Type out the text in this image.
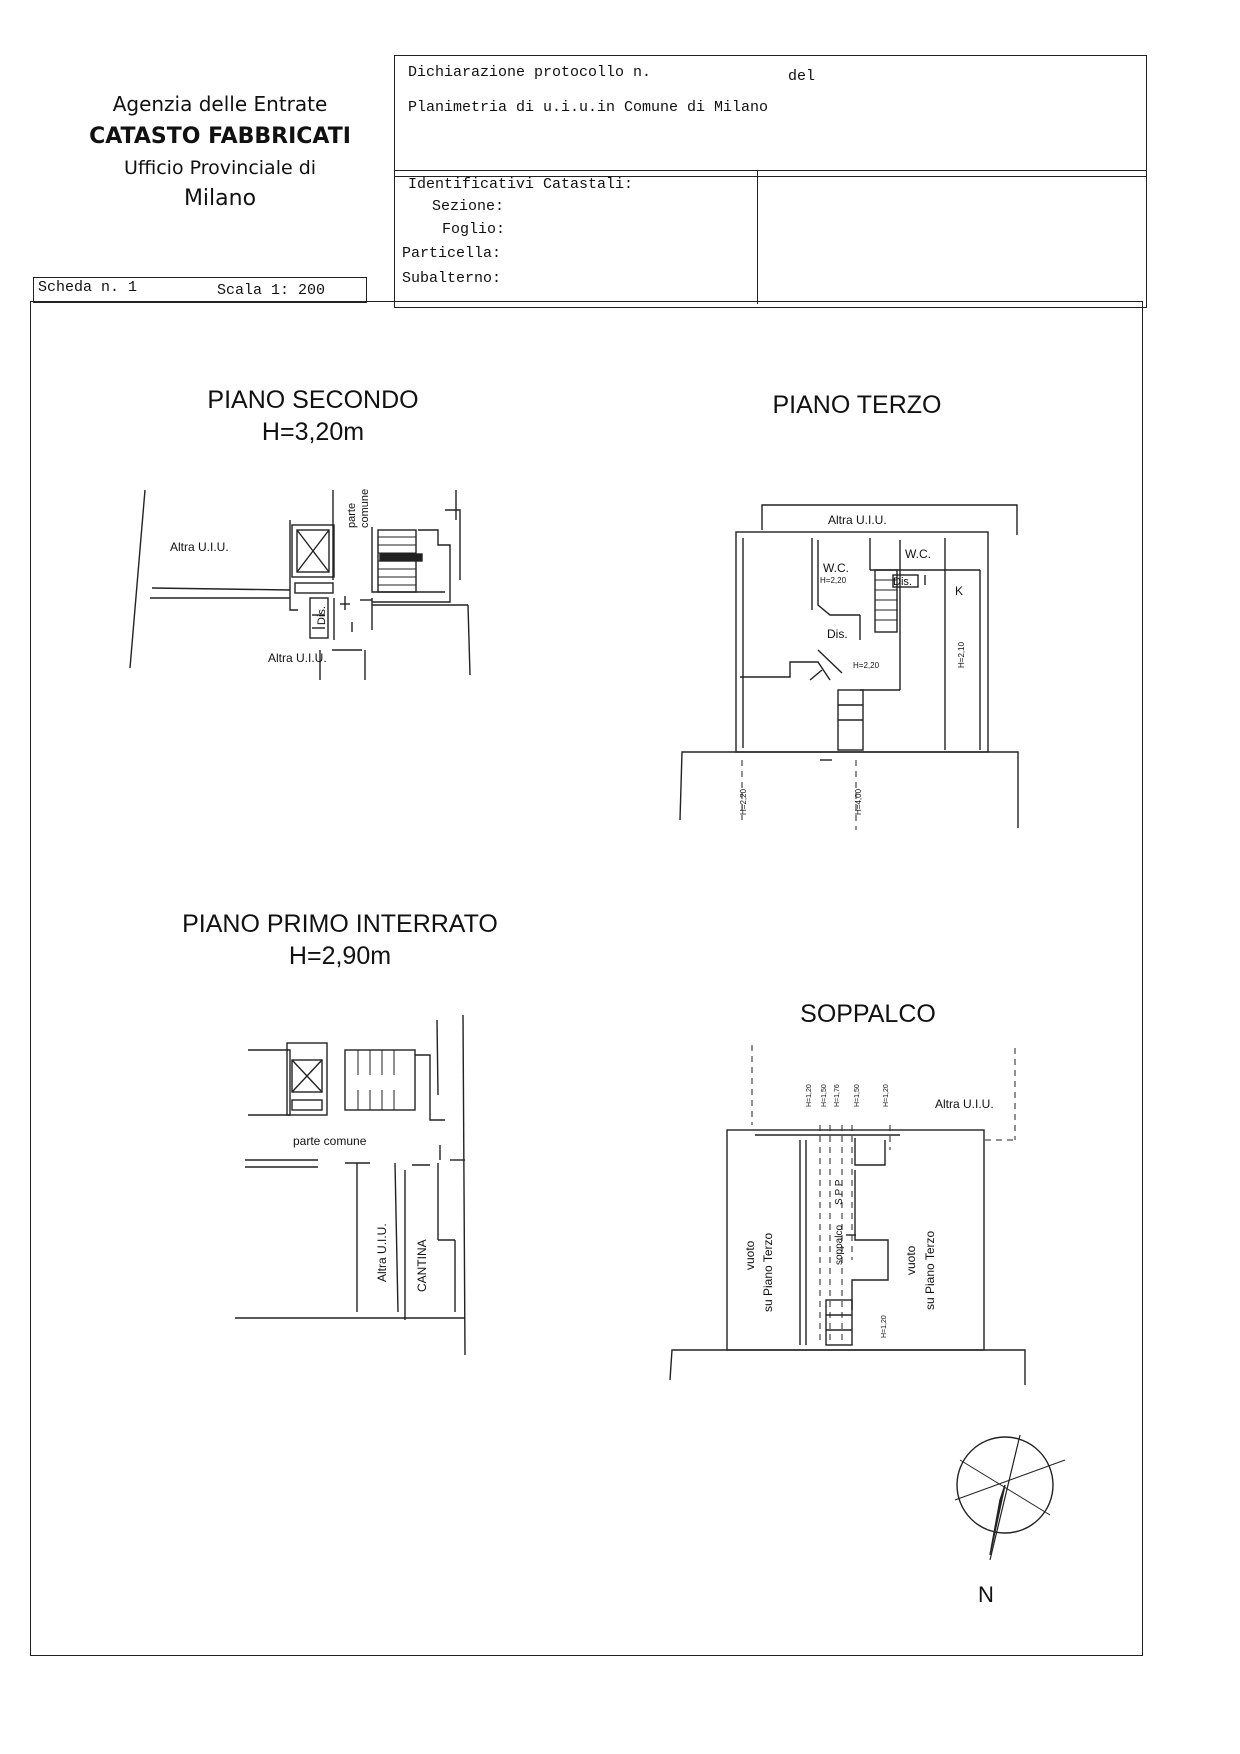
Agenzia delle Entrate
CATASTO FABBRICATI
Ufficio Provinciale di
Milano
Dichiarazione protocollo n.	del
Planimetria di u.i.u.in Comune di Milano
Identificativi Catastali:
Sezione:
Foglio:
Particella:
Subalterno:
Scheda n. 1	Scala 1: 200
PIANO SECONDO
H=3,20m
PIANO TERZO
PIANO PRIMO INTERRATO
H=2,90m
SOPPALCO
Altra U.I.U.
Altra U.I.U.
parte comune
Dis.
Altra U.I.U.
W.C.
H=2,20
W.C.
Dis.
Dis.
K
H=2,10
H=2,20
H=2,20	H=4,00
parte comune
Altra U.I.U. CANTINA
Altra U.I.U.
vuoto su Piano Terzo	vuoto su Piano Terzo
soppalco
S P P
H=1,20 H=1,50 H=1,76 H=1,50	H=1,20
H=1,20
N
